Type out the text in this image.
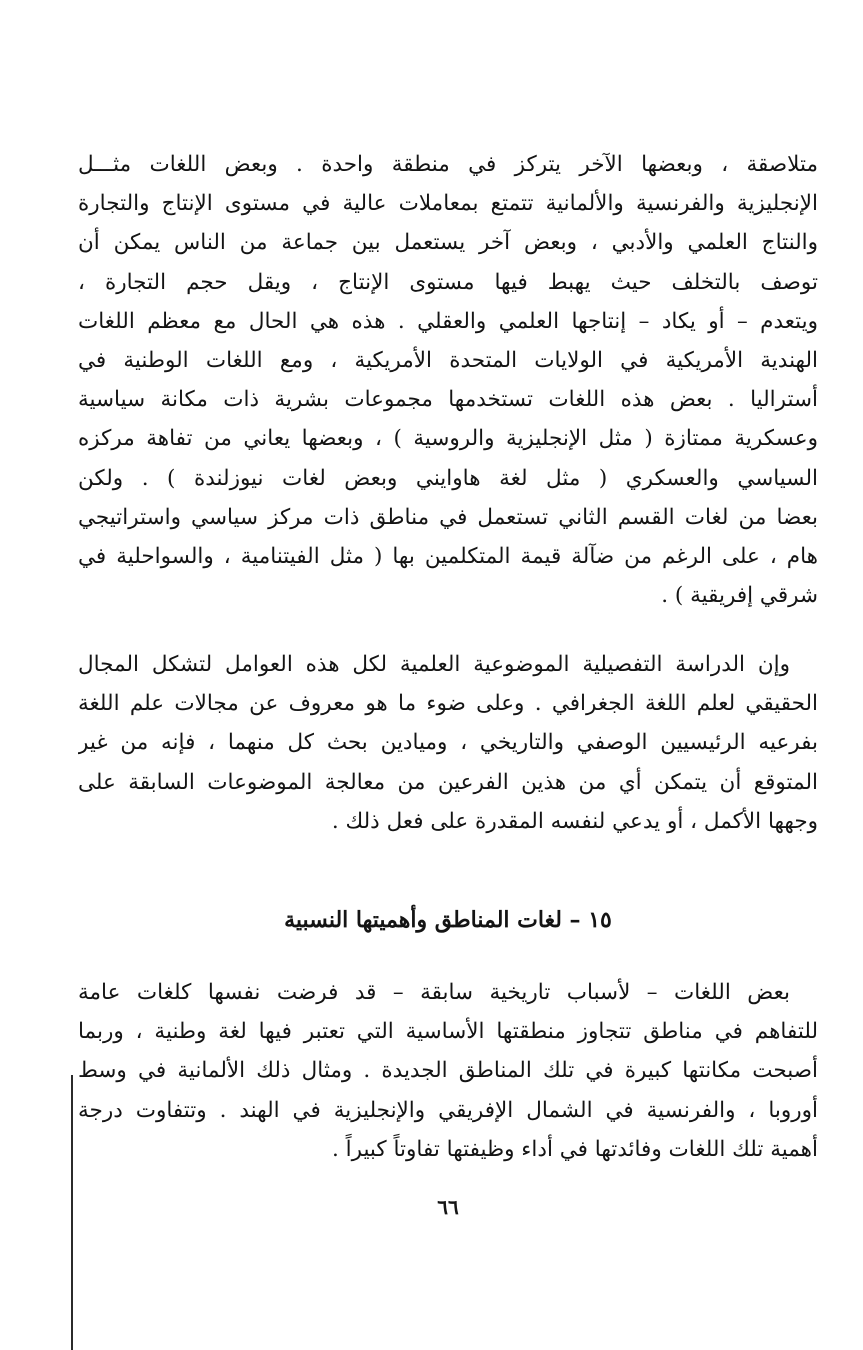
متلاصقة ، وبعضها الآخر يتركز في منطقة واحدة . وبعض اللغات مثـــل
الإنجليزية والفرنسية والألمانية تتمتع بمعاملات عالية في مستوى الإنتاج والتجارة
والنتاج العلمي والأدبي ، وبعض آخر يستعمل بين جماعة من الناس يمكن أن
توصف بالتخلف حيث يهبط فيها مستوى الإنتاج ، ويقل حجم التجارة ،
ويتعدم – أو يكاد – إنتاجها العلمي والعقلي . هذه هي الحال مع معظم اللغات
الهندية الأمريكية في الولايات المتحدة الأمريكية ، ومع اللغات الوطنية في
أستراليا . بعض هذه اللغات تستخدمها مجموعات بشرية ذات مكانة سياسية
وعسكرية ممتازة ( مثل الإنجليزية والروسية ) ، وبعضها يعاني من تفاهة مركزه
السياسي والعسكري ( مثل لغة هاوايني وبعض لغات نيوزلندة ) . ولكن
بعضا من لغات القسم الثاني تستعمل في مناطق ذات مركز سياسي واستراتيجي
هام ، على الرغم من ضآلة قيمة المتكلمين بها ( مثل الفيتنامية ، والسواحلية في
شرقي إفريقية ) .
وإن الدراسة التفصيلية الموضوعية العلمية لكل هذه العوامل لتشكل المجال
الحقيقي لعلم اللغة الجغرافي . وعلى ضوء ما هو معروف عن مجالات علم اللغة
بفرعيه الرئيسيين الوصفي والتاريخي ، وميادين بحث كل منهما ، فإنه من غير
المتوقع أن يتمكن أي من هذين الفرعين من معالجة الموضوعات السابقة على
وجهها الأكمل ، أو يدعي لنفسه المقدرة على فعل ذلك .
١٥ – لغات المناطق وأهميتها النسبية
بعض اللغات – لأسباب تاريخية سابقة – قد فرضت نفسها كلغات عامة
للتفاهم في مناطق تتجاوز منطقتها الأساسية التي تعتبر فيها لغة وطنية ، وربما
أصبحت مكانتها كبيرة في تلك المناطق الجديدة . ومثال ذلك الألمانية في وسط
أوروبا ، والفرنسية في الشمال الإفريقي والإنجليزية في الهند . وتتفاوت درجة
أهمية تلك اللغات وفائدتها في أداء وظيفتها تفاوتاً كبيراً .
٦٦
